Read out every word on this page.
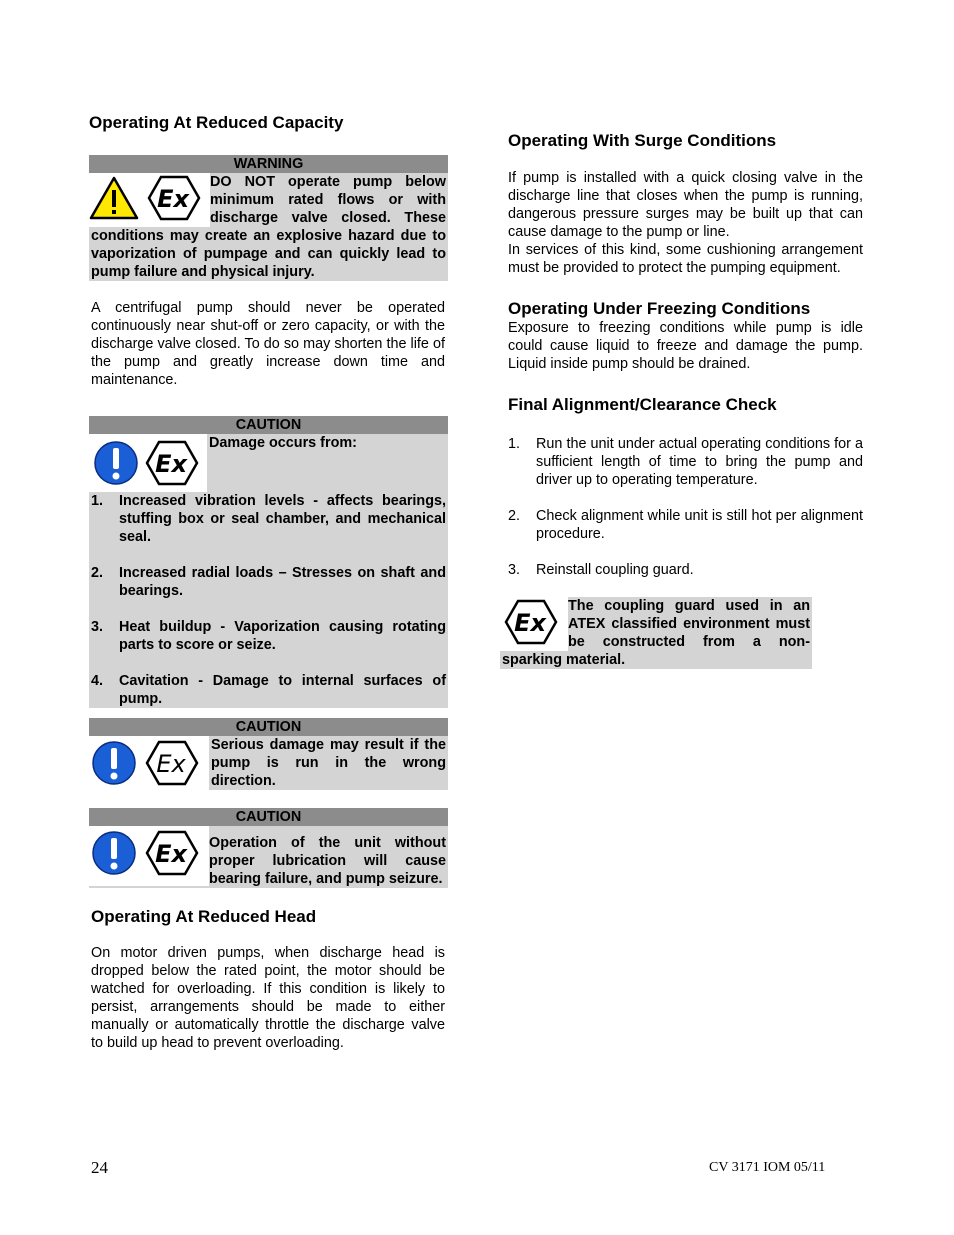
Operating At Reduced Capacity
WARNING
Ex
DO NOT operate pump below minimum rated flows or with discharge valve closed. These conditions may create an explosive hazard due to vaporization of pumpage and can quickly lead to pump failure and physical injury.

A centrifugal pump should never be operated continuously near shut-off or zero capacity, or with the discharge valve closed. To do so may shorten the life of the pump and greatly increase down time and maintenance.

CAUTION
Ex
Damage occurs from:
1. Increased vibration levels - affects bearings, stuffing box or seal chamber, and mechanical seal.
2. Increased radial loads – Stresses on shaft and bearings.
3. Heat buildup - Vaporization causing rotating parts to score or seize.
4. Cavitation - Damage to internal surfaces of pump.
CAUTION
Ex
Serious damage may result if the pump is run in the wrong direction.
CAUTION
Ex Operation of the unit without proper lubrication will cause bearing failure, and pump seizure.
Operating At Reduced Head

On motor driven pumps, when discharge head is dropped below the rated point, the motor should be watched for overloading. If this condition is likely to persist, arrangements should be made to either manually or automatically throttle the discharge valve to build up head to prevent overloading.

Operating With Surge Conditions

If pump is installed with a quick closing valve in the discharge line that closes when the pump is running, dangerous pressure surges may be built up that can cause damage to the pump or line.

In services of this kind, some cushioning arrangement must be provided to protect the pumping equipment.

Operating Under Freezing Conditions

Exposure to freezing conditions while pump is idle could cause liquid to freeze and damage the pump. Liquid inside pump should be drained.

Final Alignment/Clearance Check
1. Run the unit under actual operating conditions for a sufficient length of time to bring the pump and driver up to operating temperature.
2. Check alignment while unit is still hot per alignment procedure.
3. Reinstall coupling guard.
Ex
The coupling guard used in an ATEX classified environment must be constructed from a non-sparking material.
24	CV 3171 IOM 05/11
